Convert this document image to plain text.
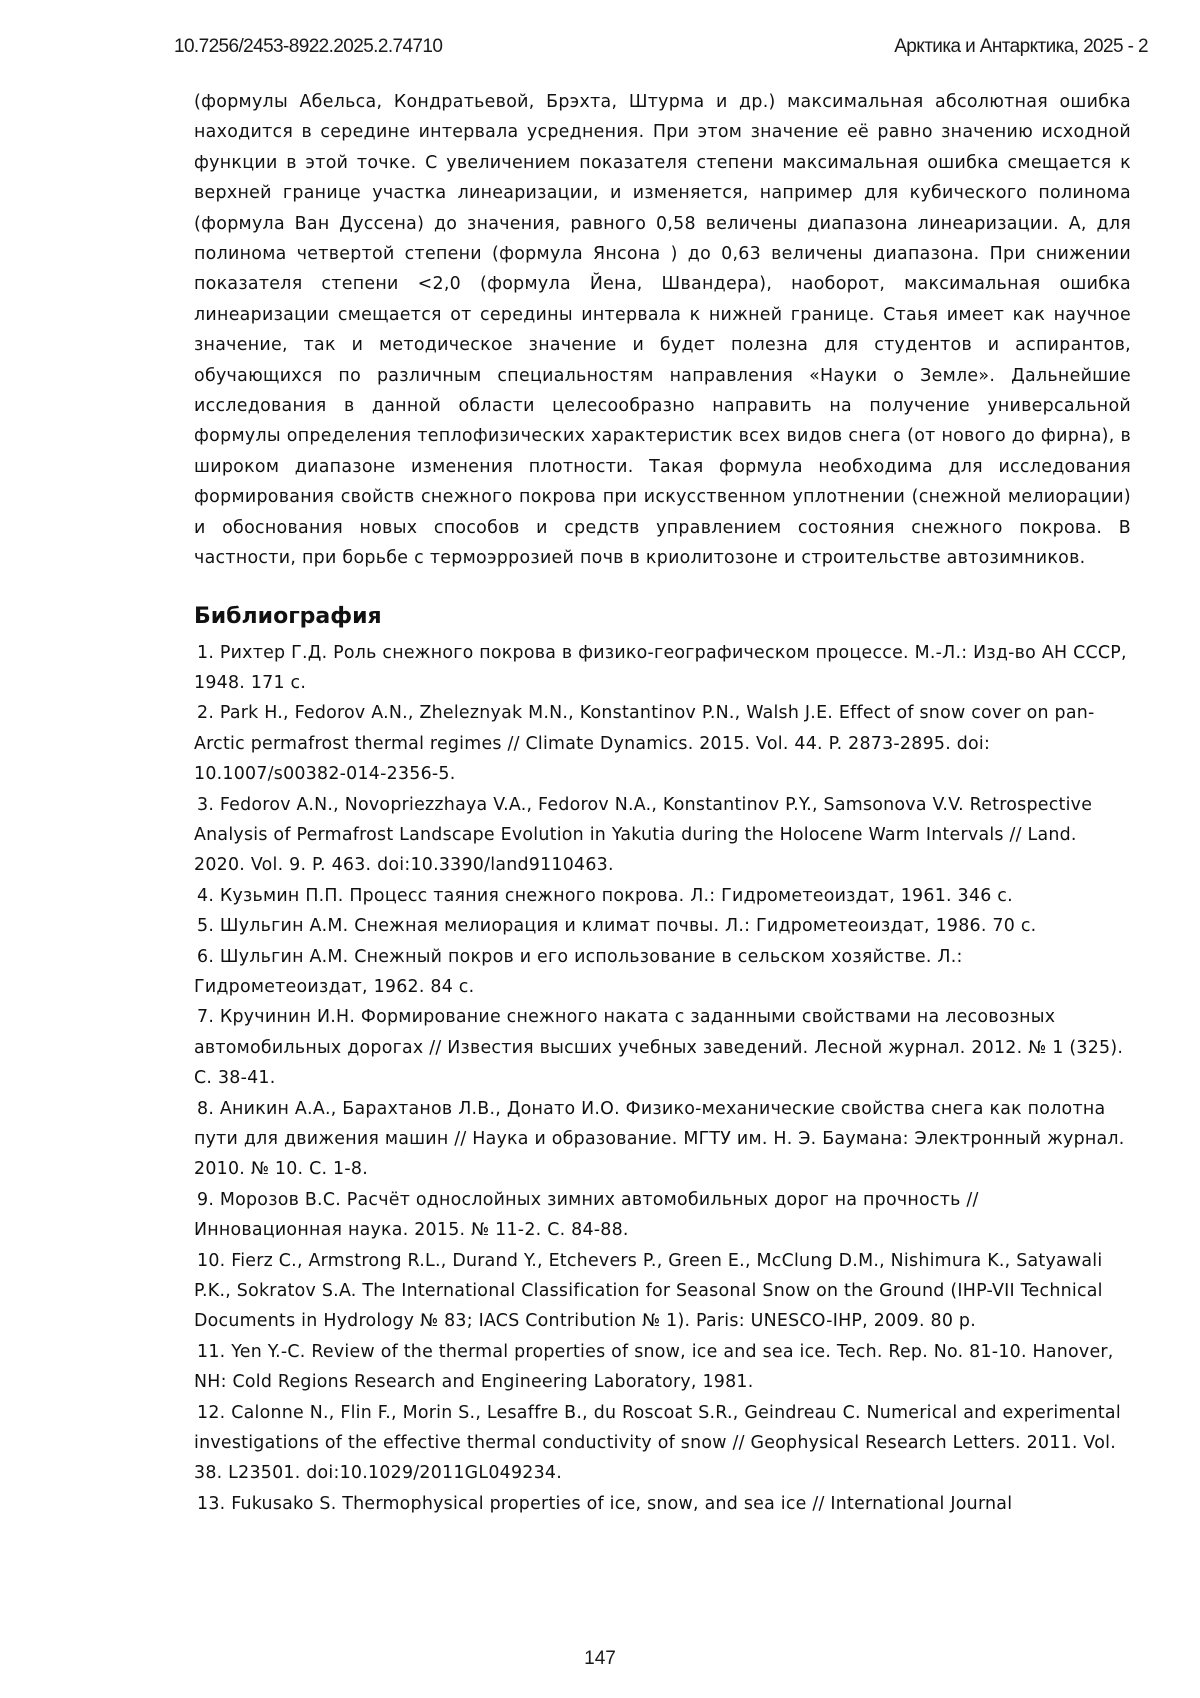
10.7256/2453-8922.2025.2.74710	Арктика и Антарктика, 2025 - 2

(формулы Абельса, Кондратьевой, Брэхта, Штурма и др.) максимальная абсолютная ошибка находится в середине интервала усреднения. При этом значение её равно значению исходной функции в этой точке. С увеличением показателя степени максимальная ошибка смещается к верхней границе участка линеаризации, и изменяется, например для кубического полинома (формула Ван Дуссена) до значения, равного 0,58 величены диапазона линеаризации. А, для полинома четвертой степени (формула Янсона ) до 0,63 величены диапазона. При снижении показателя степени <2,0 (формула Йена, Швандера), наоборот, максимальная ошибка линеаризации смещается от середины интервала к нижней границе. Стаья имеет как научное значение, так и методическое значение и будет полезна для студентов и аспирантов, обучающихся по различным специальностям направления «Науки о Земле». Дальнейшие исследования в данной области целесообразно направить на получение универсальной формулы определения теплофизических характеристик всех видов снега (от нового до фирна), в широком диапазоне изменения плотности. Такая формула необходима для исследования формирования свойств снежного покрова при искусственном уплотнении (снежной мелиорации) и обоснования новых способов и средств управлением состояния снежного покрова. В частности, при борьбе с термоэррозией почв в криолитозоне и строительстве автозимников.

Библиография
1. Рихтер Г.Д. Роль снежного покрова в физико-географическом процессе. М.-Л.: Изд-во АН СССР, 1948. 171 с.
2. Park H., Fedorov A.N., Zheleznyak M.N., Konstantinov P.N., Walsh J.E. Effect of snow cover on pan-Arctic permafrost thermal regimes // Climate Dynamics. 2015. Vol. 44. P. 2873-2895. doi: 10.1007/s00382-014-2356-5.
3. Fedorov A.N., Novopriezzhaya V.A., Fedorov N.A., Konstantinov P.Y., Samsonova V.V. Retrospective Analysis of Permafrost Landscape Evolution in Yakutia during the Holocene Warm Intervals // Land. 2020. Vol. 9. P. 463. doi:10.3390/land9110463.
4. Кузьмин П.П. Процесс таяния снежного покрова. Л.: Гидрометеоиздат, 1961. 346 с.
5. Шульгин А.М. Снежная мелиорация и климат почвы. Л.: Гидрометеоиздат, 1986. 70 с.
6. Шульгин А.М. Снежный покров и его использование в сельском хозяйстве. Л.: Гидрометеоиздат, 1962. 84 с.
7. Кручинин И.Н. Формирование снежного наката с заданными свойствами на лесовозных автомобильных дорогах // Известия высших учебных заведений. Лесной журнал. 2012. № 1 (325). С. 38-41.
8. Аникин А.А., Барахтанов Л.В., Донато И.О. Физико-механические свойства снега как полотна пути для движения машин // Наука и образование. МГТУ им. Н. Э. Баумана: Электронный журнал. 2010. № 10. С. 1-8.
9. Морозов В.С. Расчёт однослойных зимних автомобильных дорог на прочность // Инновационная наука. 2015. № 11-2. С. 84-88.
10. Fierz C., Armstrong R.L., Durand Y., Etchevers P., Green E., McClung D.M., Nishimura K., Satyawali P.K., Sokratov S.A. The International Classification for Seasonal Snow on the Ground (IHP-VII Technical Documents in Hydrology № 83; IACS Contribution № 1). Paris: UNESCO-IHP, 2009. 80 p.
11. Yen Y.-C. Review of the thermal properties of snow, ice and sea ice. Tech. Rep. No. 81-10. Hanover, NH: Cold Regions Research and Engineering Laboratory, 1981.
12. Calonne N., Flin F., Morin S., Lesaffre B., du Roscoat S.R., Geindreau C. Numerical and experimental investigations of the effective thermal conductivity of snow // Geophysical Research Letters. 2011. Vol. 38. L23501. doi:10.1029/2011GL049234.
13. Fukusako S. Thermophysical properties of ice, snow, and sea ice // International Journal
147
